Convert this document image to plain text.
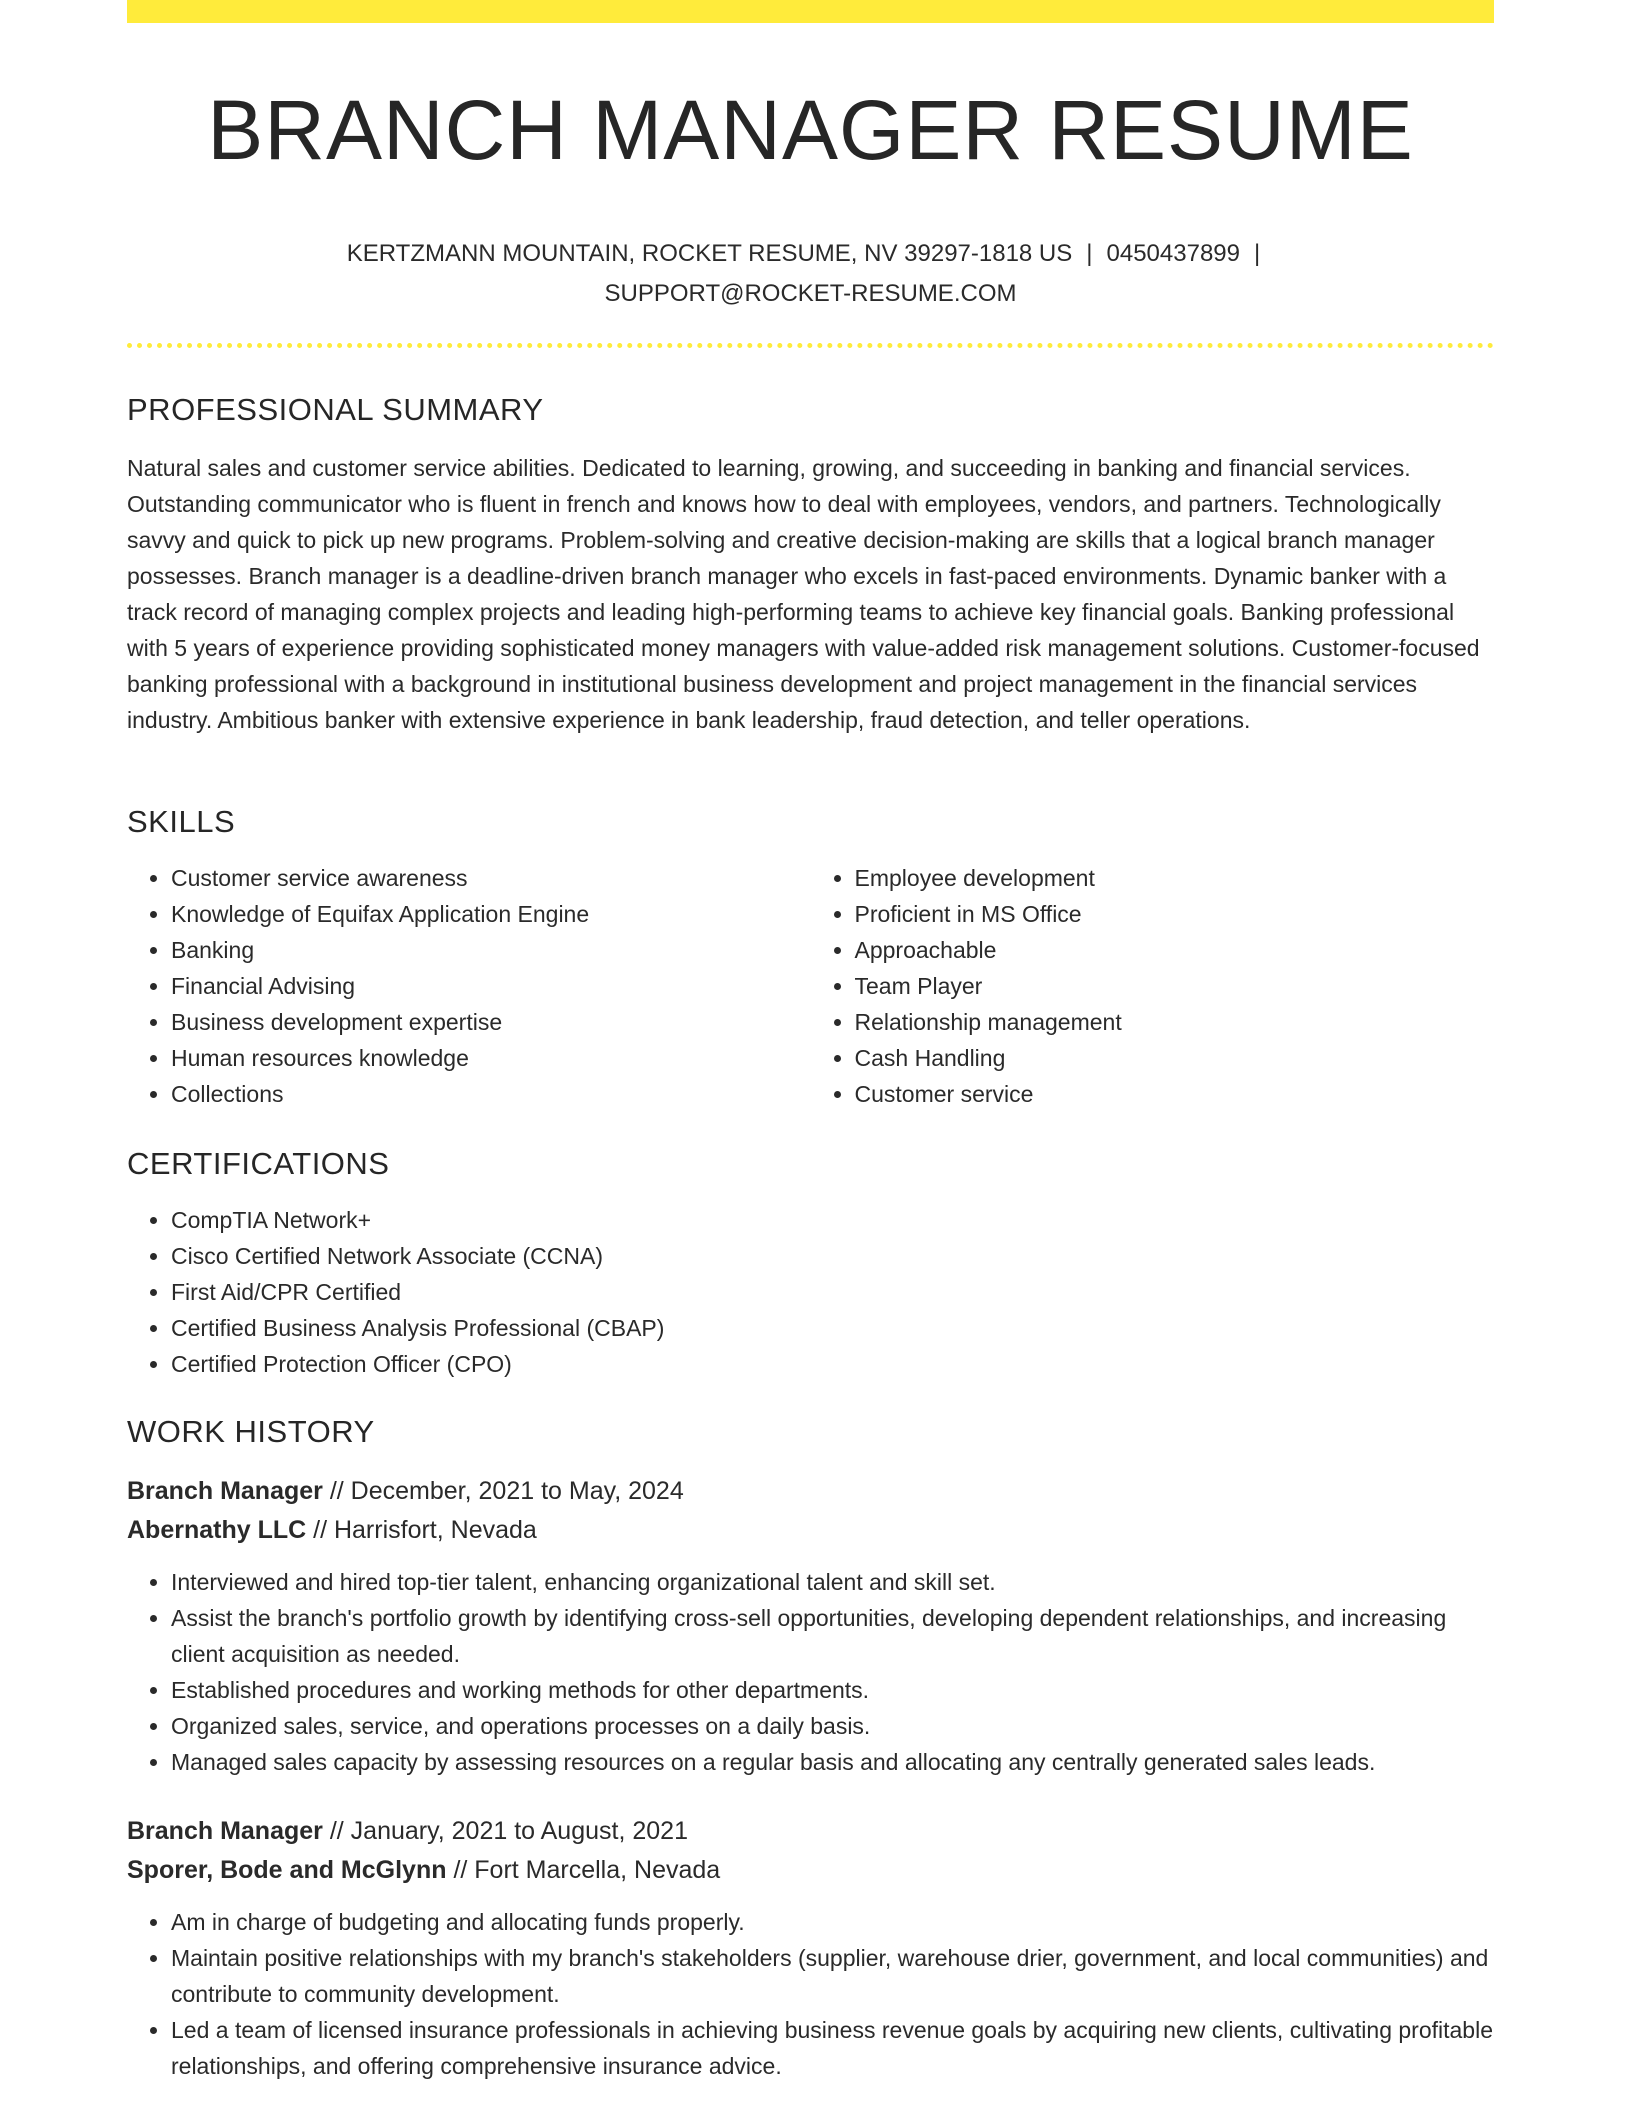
BRANCH MANAGER RESUME
KERTZMANN MOUNTAIN, ROCKET RESUME, NV 39297-1818 US | 0450437899 |
SUPPORT@ROCKET-RESUME.COM
PROFESSIONAL SUMMARY
Natural sales and customer service abilities. Dedicated to learning, growing, and succeeding in banking and financial services. Outstanding communicator who is fluent in french and knows how to deal with employees, vendors, and partners. Technologically savvy and quick to pick up new programs. Problem-solving and creative decision-making are skills that a logical branch manager possesses. Branch manager is a deadline-driven branch manager who excels in fast-paced environments. Dynamic banker with a track record of managing complex projects and leading high-performing teams to achieve key financial goals. Banking professional with 5 years of experience providing sophisticated money managers with value-added risk management solutions. Customer-focused banking professional with a background in institutional business development and project management in the financial services industry. Ambitious banker with extensive experience in bank leadership, fraud detection, and teller operations.
SKILLS
• Customer service awareness
• Knowledge of Equifax Application Engine
• Banking
• Financial Advising
• Business development expertise
• Human resources knowledge
• Collections
• Employee development
• Proficient in MS Office
• Approachable
• Team Player
• Relationship management
• Cash Handling
• Customer service
CERTIFICATIONS
• CompTIA Network+
• Cisco Certified Network Associate (CCNA)
• First Aid/CPR Certified
• Certified Business Analysis Professional (CBAP)
• Certified Protection Officer (CPO)
WORK HISTORY
Branch Manager // December, 2021 to May, 2024
Abernathy LLC // Harrisfort, Nevada
• Interviewed and hired top-tier talent, enhancing organizational talent and skill set.
• Assist the branch's portfolio growth by identifying cross-sell opportunities, developing dependent relationships, and increasing client acquisition as needed.
• Established procedures and working methods for other departments.
• Organized sales, service, and operations processes on a daily basis.
• Managed sales capacity by assessing resources on a regular basis and allocating any centrally generated sales leads.
Branch Manager // January, 2021 to August, 2021
Sporer, Bode and McGlynn // Fort Marcella, Nevada
• Am in charge of budgeting and allocating funds properly.
• Maintain positive relationships with my branch's stakeholders (supplier, warehouse drier, government, and local communities) and contribute to community development.
• Led a team of licensed insurance professionals in achieving business revenue goals by acquiring new clients, cultivating profitable relationships, and offering comprehensive insurance advice.
